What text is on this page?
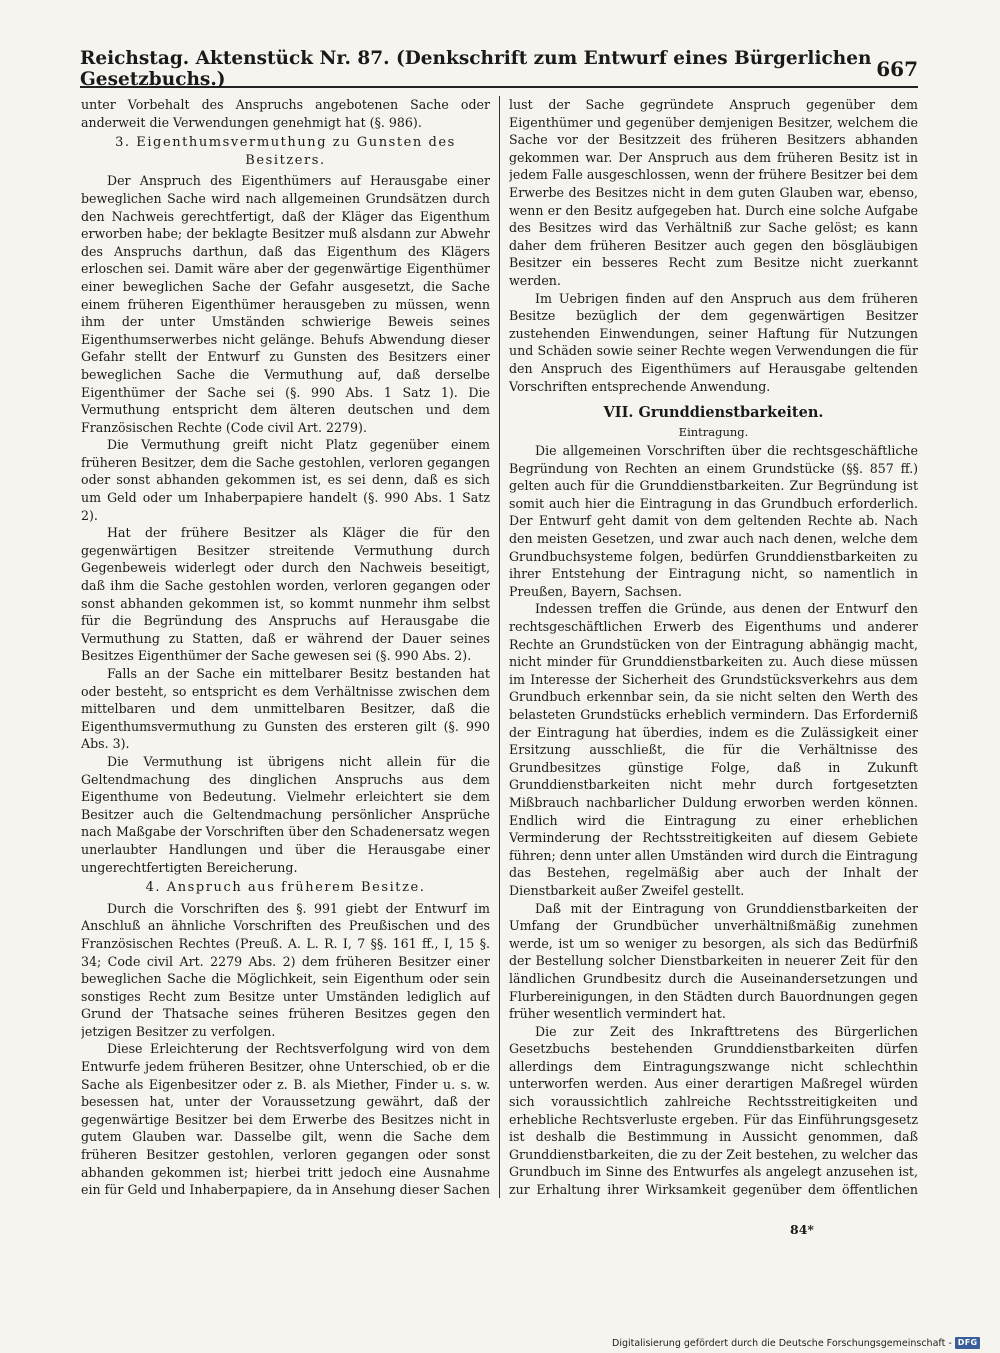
Reichstag. Aktenstück Nr. 87. (Denkschrift zum Entwurf eines Bürgerlichen Gesetzbuchs.)	667

unter Vorbehalt des Anspruchs angebotenen Sache oder anderweit die Verwendungen genehmigt hat (§. 986).

3. Eigenthumsvermuthung zu Gunsten des Besitzers.

Der Anspruch des Eigenthümers auf Herausgabe einer beweglichen Sache wird nach allgemeinen Grundsätzen durch den Nachweis gerechtfertigt, daß der Kläger das Eigenthum erworben habe; der beklagte Besitzer muß alsdann zur Abwehr des Anspruchs darthun, daß das Eigenthum des Klägers erloschen sei. Damit wäre aber der gegenwärtige Eigenthümer einer beweglichen Sache der Gefahr ausgesetzt, die Sache einem früheren Eigenthümer herausgeben zu müssen, wenn ihm der unter Umständen schwierige Beweis seines Eigenthumserwerbes nicht gelänge. Behufs Abwendung dieser Gefahr stellt der Entwurf zu Gunsten des Besitzers einer beweglichen Sache die Vermuthung auf, daß derselbe Eigenthümer der Sache sei (§. 990 Abs. 1 Satz 1). Die Vermuthung entspricht dem älteren deutschen und dem Französischen Rechte (Code civil Art. 2279).

Die Vermuthung greift nicht Platz gegenüber einem früheren Besitzer, dem die Sache gestohlen, verloren gegangen oder sonst abhanden gekommen ist, es sei denn, daß es sich um Geld oder um Inhaberpapiere handelt (§. 990 Abs. 1 Satz 2).

Hat der frühere Besitzer als Kläger die für den gegenwärtigen Besitzer streitende Vermuthung durch Gegenbeweis widerlegt oder durch den Nachweis beseitigt, daß ihm die Sache gestohlen worden, verloren gegangen oder sonst abhanden gekommen ist, so kommt nunmehr ihm selbst für die Begründung des Anspruchs auf Herausgabe die Vermuthung zu Statten, daß er während der Dauer seines Besitzes Eigenthümer der Sache gewesen sei (§. 990 Abs. 2).

Falls an der Sache ein mittelbarer Besitz bestanden hat oder besteht, so entspricht es dem Verhältnisse zwischen dem mittelbaren und dem unmittelbaren Besitzer, daß die Eigenthumsvermuthung zu Gunsten des ersteren gilt (§. 990 Abs. 3).

Die Vermuthung ist übrigens nicht allein für die Geltendmachung des dinglichen Anspruchs aus dem Eigenthume von Bedeutung. Vielmehr erleichtert sie dem Besitzer auch die Geltendmachung persönlicher Ansprüche nach Maßgabe der Vorschriften über den Schadenersatz wegen unerlaubter Handlungen und über die Herausgabe einer ungerechtfertigten Bereicherung.

4. Anspruch aus früherem Besitze.

Durch die Vorschriften des §. 991 giebt der Entwurf im Anschluß an ähnliche Vorschriften des Preußischen und des Französischen Rechtes (Preuß. A. L. R. I, 7 §§. 161 ff., I, 15 §. 34; Code civil Art. 2279 Abs. 2) dem früheren Besitzer einer beweglichen Sache die Möglichkeit, sein Eigenthum oder sein sonstiges Recht zum Besitze unter Umständen lediglich auf Grund der Thatsache seines früheren Besitzes gegen den jetzigen Besitzer zu verfolgen.

Diese Erleichterung der Rechtsverfolgung wird von dem Entwurfe jedem früheren Besitzer, ohne Unterschied, ob er die Sache als Eigenbesitzer oder z. B. als Miether, Finder u. s. w. besessen hat, unter der Voraussetzung gewährt, daß der gegenwärtige Besitzer bei dem Erwerbe des Besitzes nicht in gutem Glauben war. Dasselbe gilt, wenn die Sache dem früheren Besitzer gestohlen, verloren gegangen oder sonst abhanden gekommen ist; hierbei tritt jedoch eine Ausnahme ein für Geld und Inhaberpapiere, da in Ansehung dieser Sachen

lust der Sache gegründete Anspruch gegenüber dem Eigenthümer und gegenüber demjenigen Besitzer, welchem die Sache vor der Besitzzeit des früheren Besitzers abhanden gekommen war. Der Anspruch aus dem früheren Besitz ist in jedem Falle ausgeschlossen, wenn der frühere Besitzer bei dem Erwerbe des Besitzes nicht in dem guten Glauben war, ebenso, wenn er den Besitz aufgegeben hat. Durch eine solche Aufgabe des Besitzes wird das Verhältniß zur Sache gelöst; es kann daher dem früheren Besitzer auch gegen den bösgläubigen Besitzer ein besseres Recht zum Besitze nicht zuerkannt werden.

Im Uebrigen finden auf den Anspruch aus dem früheren Besitze bezüglich der dem gegenwärtigen Besitzer zustehenden Einwendungen, seiner Haftung für Nutzungen und Schäden sowie seiner Rechte wegen Verwendungen die für den Anspruch des Eigenthümers auf Herausgabe geltenden Vorschriften entsprechende Anwendung.

VII. Grunddienstbarkeiten.
Eintragung.

Die allgemeinen Vorschriften über die rechtsgeschäftliche Begründung von Rechten an einem Grundstücke (§§. 857 ff.) gelten auch für die Grunddienstbarkeiten. Zur Begründung ist somit auch hier die Eintragung in das Grundbuch erforderlich. Der Entwurf geht damit von dem geltenden Rechte ab. Nach den meisten Gesetzen, und zwar auch nach denen, welche dem Grundbuchsysteme folgen, bedürfen Grunddienstbarkeiten zu ihrer Entstehung der Eintragung nicht, so namentlich in Preußen, Bayern, Sachsen.

Indessen treffen die Gründe, aus denen der Entwurf den rechtsgeschäftlichen Erwerb des Eigenthums und anderer Rechte an Grundstücken von der Eintragung abhängig macht, nicht minder für Grunddienstbarkeiten zu. Auch diese müssen im Interesse der Sicherheit des Grundstücksverkehrs aus dem Grundbuch erkennbar sein, da sie nicht selten den Werth des belasteten Grundstücks erheblich vermindern. Das Erforderniß der Eintragung hat überdies, indem es die Zulässigkeit einer Ersitzung ausschließt, die für die Verhältnisse des Grundbesitzes günstige Folge, daß in Zukunft Grunddienstbarkeiten nicht mehr durch fortgesetzten Mißbrauch nachbarlicher Duldung erworben werden können. Endlich wird die Eintragung zu einer erheblichen Verminderung der Rechtsstreitigkeiten auf diesem Gebiete führen; denn unter allen Umständen wird durch die Eintragung das Bestehen, regelmäßig aber auch der Inhalt der Dienstbarkeit außer Zweifel gestellt.

Daß mit der Eintragung von Grunddienstbarkeiten der Umfang der Grundbücher unverhältnißmäßig zunehmen werde, ist um so weniger zu besorgen, als sich das Bedürfniß der Bestellung solcher Dienstbarkeiten in neuerer Zeit für den ländlichen Grundbesitz durch die Auseinandersetzungen und Flurbereinigungen, in den Städten durch Bauordnungen gegen früher wesentlich vermindert hat.

Die zur Zeit des Inkrafttretens des Bürgerlichen Gesetzbuchs bestehenden Grunddienstbarkeiten dürfen allerdings dem Eintragungszwange nicht schlechthin unterworfen werden. Aus einer derartigen Maßregel würden sich voraussichtlich zahlreiche Rechtsstreitigkeiten und erhebliche Rechtsverluste ergeben. Für das Einführungsgesetz ist deshalb die Bestimmung in Aussicht genommen, daß Grunddienstbarkeiten, die zu der Zeit bestehen, zu welcher das Grundbuch im Sinne des Entwurfes als angelegt anzusehen ist, zur Erhaltung ihrer Wirksamkeit gegenüber dem öffentlichen

84*
Digitalisierung gefördert durch die Deutsche Forschungsgemeinschaft - DFG
